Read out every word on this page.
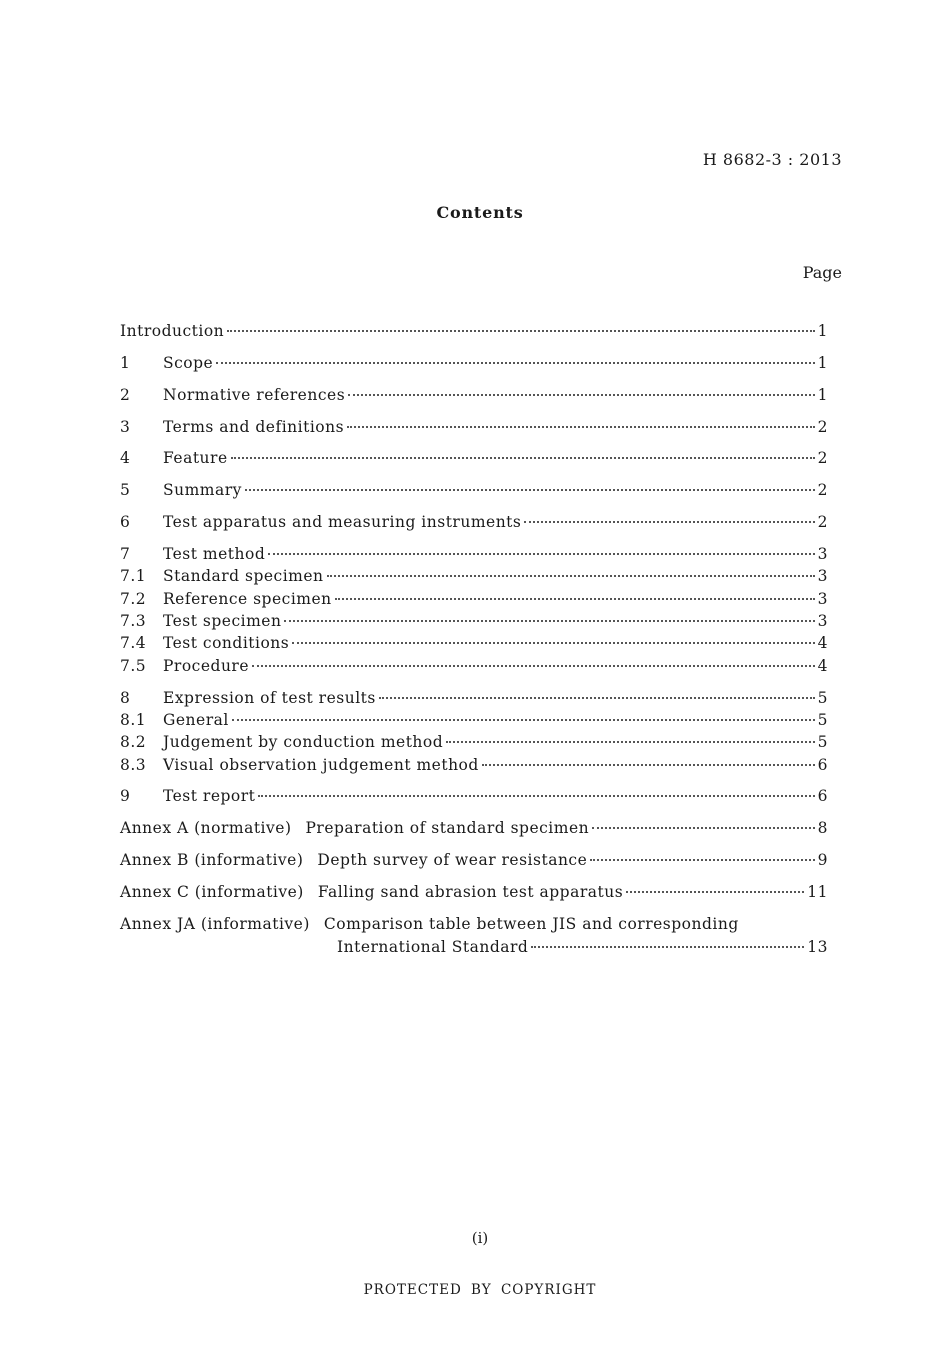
H 8682-3 : 2013
Contents
Page
Introduction	1
1	Scope	1
2	Normative references	1
3	Terms and definitions	2
4	Feature	2
5	Summary	2
6	Test apparatus and measuring instruments	2
7	Test method	3
7.1	Standard specimen	3
7.2	Reference specimen	3
7.3	Test specimen	3
7.4	Test conditions	4
7.5	Procedure	4
8	Expression of test results	5
8.1	General	5
8.2	Judgement by conduction method	5
8.3	Visual observation judgement method	6
9	Test report	6
Annex A (normative) Preparation of standard specimen	8
Annex B (informative) Depth survey of wear resistance	9
Annex C (informative) Falling sand abrasion test apparatus	11
Annex JA (informative) Comparison table between JIS and corresponding
International Standard	13
(i)
PROTECTED BY COPYRIGHT
